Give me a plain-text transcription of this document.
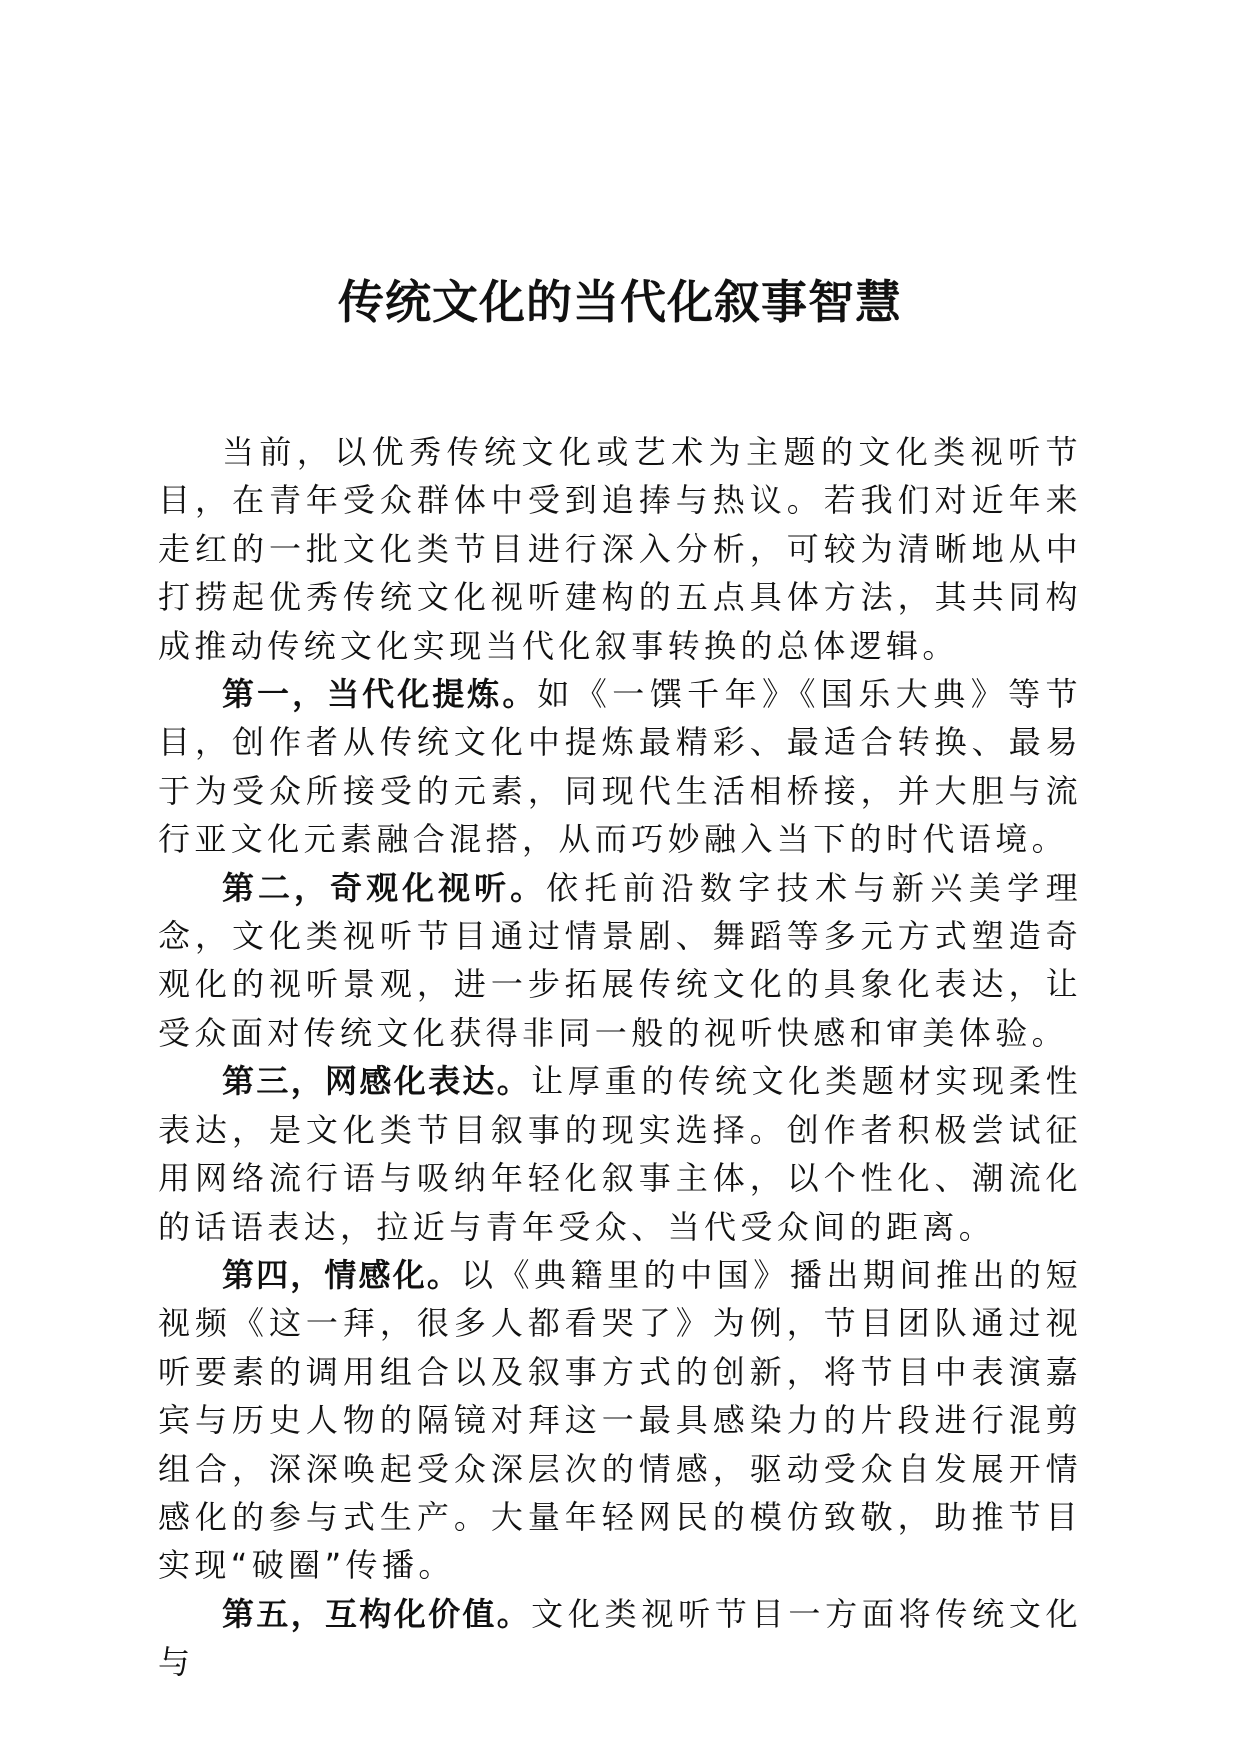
传统文化的当代化叙事智慧

当前，以优秀传统文化或艺术为主题的文化类视听节目，在青年受众群体中受到追捧与热议。若我们对近年来走红的一批文化类节目进行深入分析，可较为清晰地从中打捞起优秀传统文化视听建构的五点具体方法，其共同构成推动传统文化实现当代化叙事转换的总体逻辑。

第一，当代化提炼。如《一馔千年》《国乐大典》等节目，创作者从传统文化中提炼最精彩、最适合转换、最易于为受众所接受的元素，同现代生活相桥接，并大胆与流行亚文化元素融合混搭，从而巧妙融入当下的时代语境。

第二，奇观化视听。依托前沿数字技术与新兴美学理念，文化类视听节目通过情景剧、舞蹈等多元方式塑造奇观化的视听景观，进一步拓展传统文化的具象化表达，让受众面对传统文化获得非同一般的视听快感和审美体验。

第三，网感化表达。让厚重的传统文化类题材实现柔性表达，是文化类节目叙事的现实选择。创作者积极尝试征用网络流行语与吸纳年轻化叙事主体，以个性化、潮流化的话语表达，拉近与青年受众、当代受众间的距离。

第四，情感化。以《典籍里的中国》播出期间推出的短视频《这一拜，很多人都看哭了》为例，节目团队通过视听要素的调用组合以及叙事方式的创新，将节目中表演嘉宾与历史人物的隔镜对拜这一最具感染力的片段进行混剪组合，深深唤起受众深层次的情感，驱动受众自发展开情感化的参与式生产。大量年轻网民的模仿致敬，助推节目实现“破圈”传播。

第五，互构化价值。文化类视听节目一方面将传统文化与
